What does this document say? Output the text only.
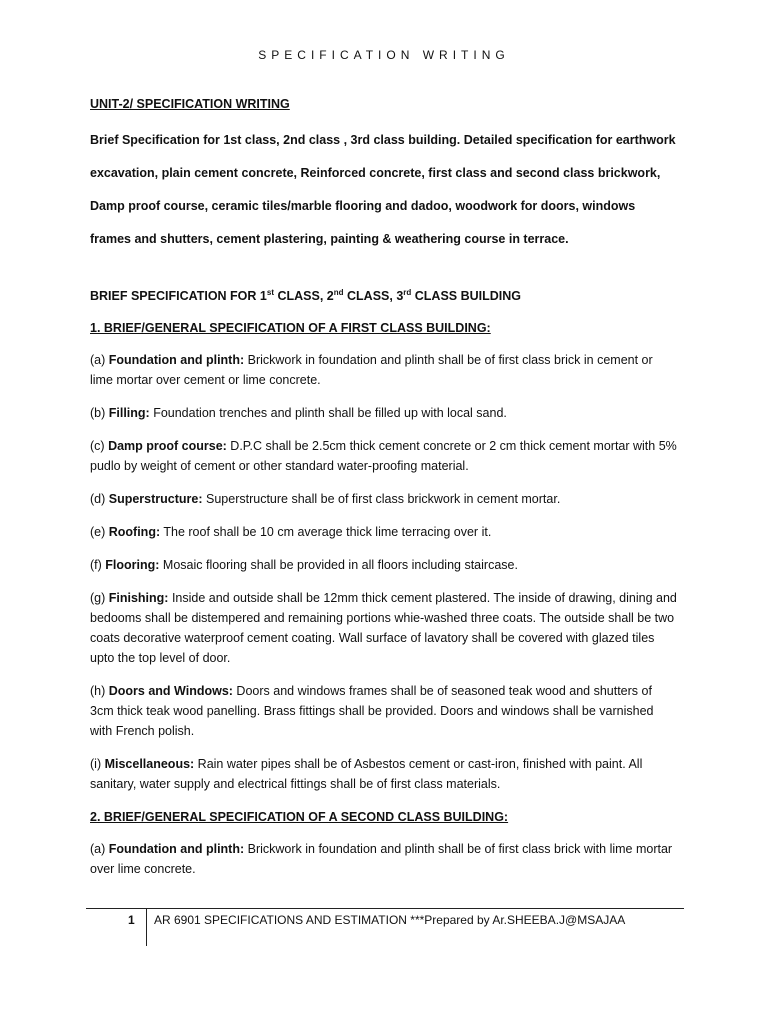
SPECIFICATION WRITING
UNIT-2/ SPECIFICATION WRITING
Brief Specification for 1st class, 2nd class , 3rd class building. Detailed specification for earthwork excavation, plain cement concrete, Reinforced concrete, first class and second class brickwork, Damp proof course, ceramic tiles/marble flooring and dadoo, woodwork for doors, windows frames and shutters, cement plastering, painting & weathering course in terrace.
BRIEF SPECIFICATION FOR 1st CLASS, 2nd CLASS, 3rd CLASS BUILDING
1. BRIEF/GENERAL SPECIFICATION OF A FIRST CLASS BUILDING:

(a) Foundation and plinth: Brickwork in foundation and plinth shall be of first class brick in cement or lime mortar over cement or lime concrete.

(b) Filling: Foundation trenches and plinth shall be filled up with local sand.

(c) Damp proof course: D.P.C shall be 2.5cm thick cement concrete or 2 cm thick cement mortar with 5% pudlo by weight of cement or other standard water-proofing material.

(d) Superstructure: Superstructure shall be of first class brickwork in cement mortar.

(e) Roofing: The roof shall be 10 cm average thick lime terracing over it.

(f) Flooring: Mosaic flooring shall be provided in all floors including staircase.

(g) Finishing: Inside and outside shall be 12mm thick cement plastered. The inside of drawing, dining and bedooms shall be distempered and remaining portions whie-washed three coats. The outside shall be two coats decorative waterproof cement coating. Wall surface of lavatory shall be covered with glazed tiles upto the top level of door.

(h) Doors and Windows: Doors and windows frames shall be of seasoned teak wood and shutters of 3cm thick teak wood panelling. Brass fittings shall be provided. Doors and windows shall be varnished with French polish.

(i) Miscellaneous: Rain water pipes shall be of Asbestos cement or cast-iron, finished with paint. All sanitary, water supply and electrical fittings shall be of first class materials.

2. BRIEF/GENERAL SPECIFICATION OF A SECOND CLASS BUILDING:

(a) Foundation and plinth: Brickwork in foundation and plinth shall be of first class brick with lime mortar over lime concrete.

1 AR 6901 SPECIFICATIONS AND ESTIMATION ***Prepared by Ar.SHEEBA.J@MSAJAA
